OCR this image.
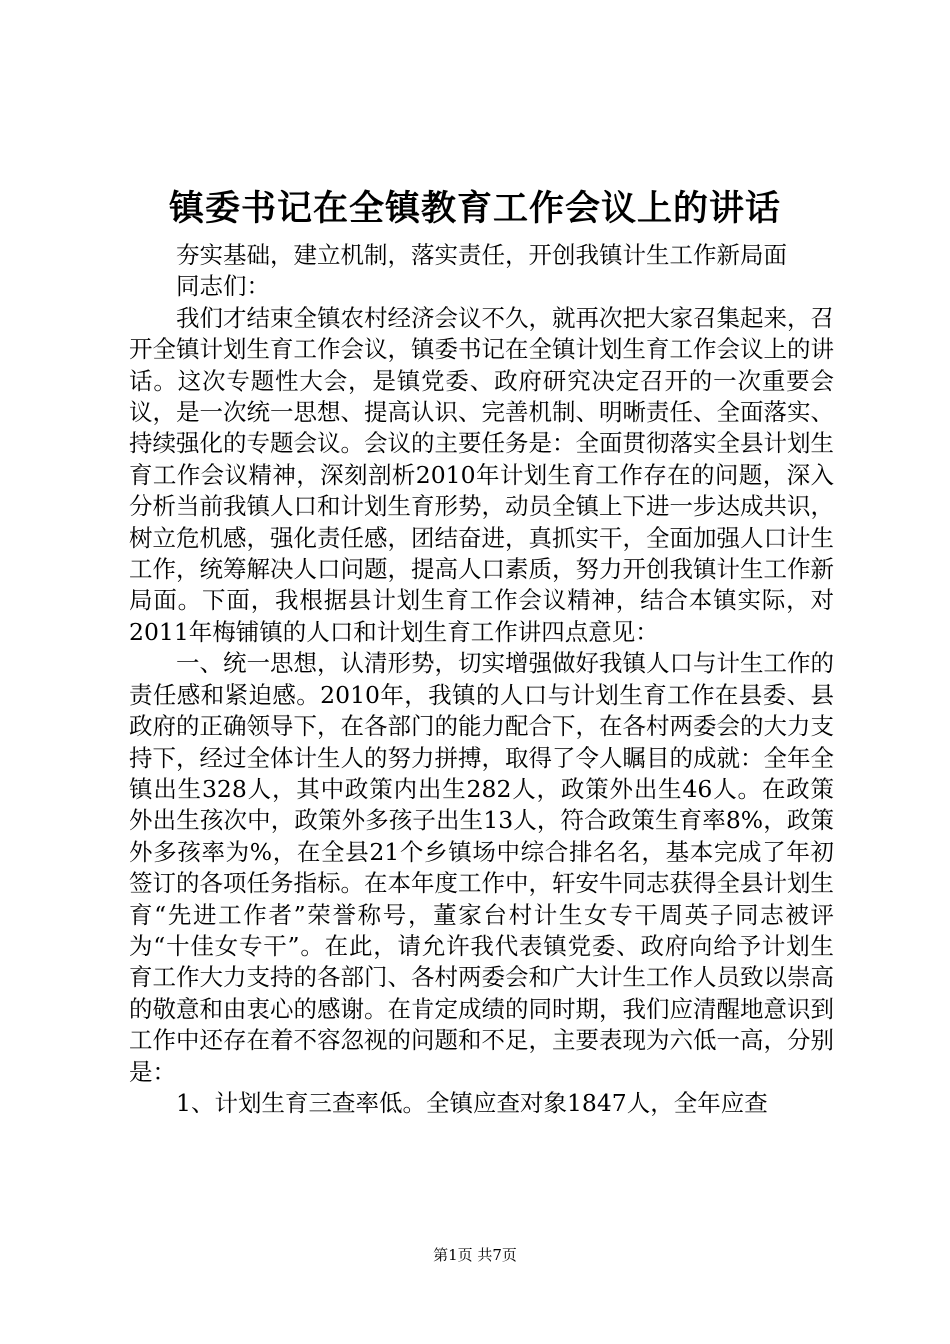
镇委书记在全镇教育工作会议上的讲话

夯实基础，建立机制，落实责任，开创我镇计生工作新局面

同志们：

我们才结束全镇农村经济会议不久，就再次把大家召集起来，召开全镇计划生育工作会议，镇委书记在全镇计划生育工作会议上的讲话。这次专题性大会，是镇党委、政府研究决定召开的一次重要会议，是一次统一思想、提高认识、完善机制、明晰责任、全面落实、持续强化的专题会议。会议的主要任务是：全面贯彻落实全县计划生育工作会议精神，深刻剖析2010年计划生育工作存在的问题，深入分析当前我镇人口和计划生育形势，动员全镇上下进一步达成共识，树立危机感，强化责任感，团结奋进，真抓实干，全面加强人口计生工作，统筹解决人口问题，提高人口素质，努力开创我镇计生工作新局面。下面，我根据县计划生育工作会议精神，结合本镇实际，对2011年梅铺镇的人口和计划生育工作讲四点意见：

一、统一思想，认清形势，切实增强做好我镇人口与计生工作的责任感和紧迫感。2010年，我镇的人口与计划生育工作在县委、县政府的正确领导下，在各部门的能力配合下，在各村两委会的大力支持下，经过全体计生人的努力拼搏，取得了令人瞩目的成就：全年全镇出生328人，其中政策内出生282人，政策外出生46人。在政策外出生孩次中，政策外多孩子出生13人，符合政策生育率8%，政策外多孩率为%，在全县21个乡镇场中综合排名名，基本完成了年初签订的各项任务指标。在本年度工作中，轩安牛同志获得全县计划生育“先进工作者”荣誉称号，董家台村计生女专干周英子同志被评为“十佳女专干”。在此，请允许我代表镇党委、政府向给予计划生育工作大力支持的各部门、各村两委会和广大计生工作人员致以崇高的敬意和由衷心的感谢。在肯定成绩的同时期，我们应清醒地意识到工作中还存在着不容忽视的问题和不足，主要表现为六低一高，分别是：

1、计划生育三查率低。全镇应查对象1847人，全年应查

第1页 共7页
